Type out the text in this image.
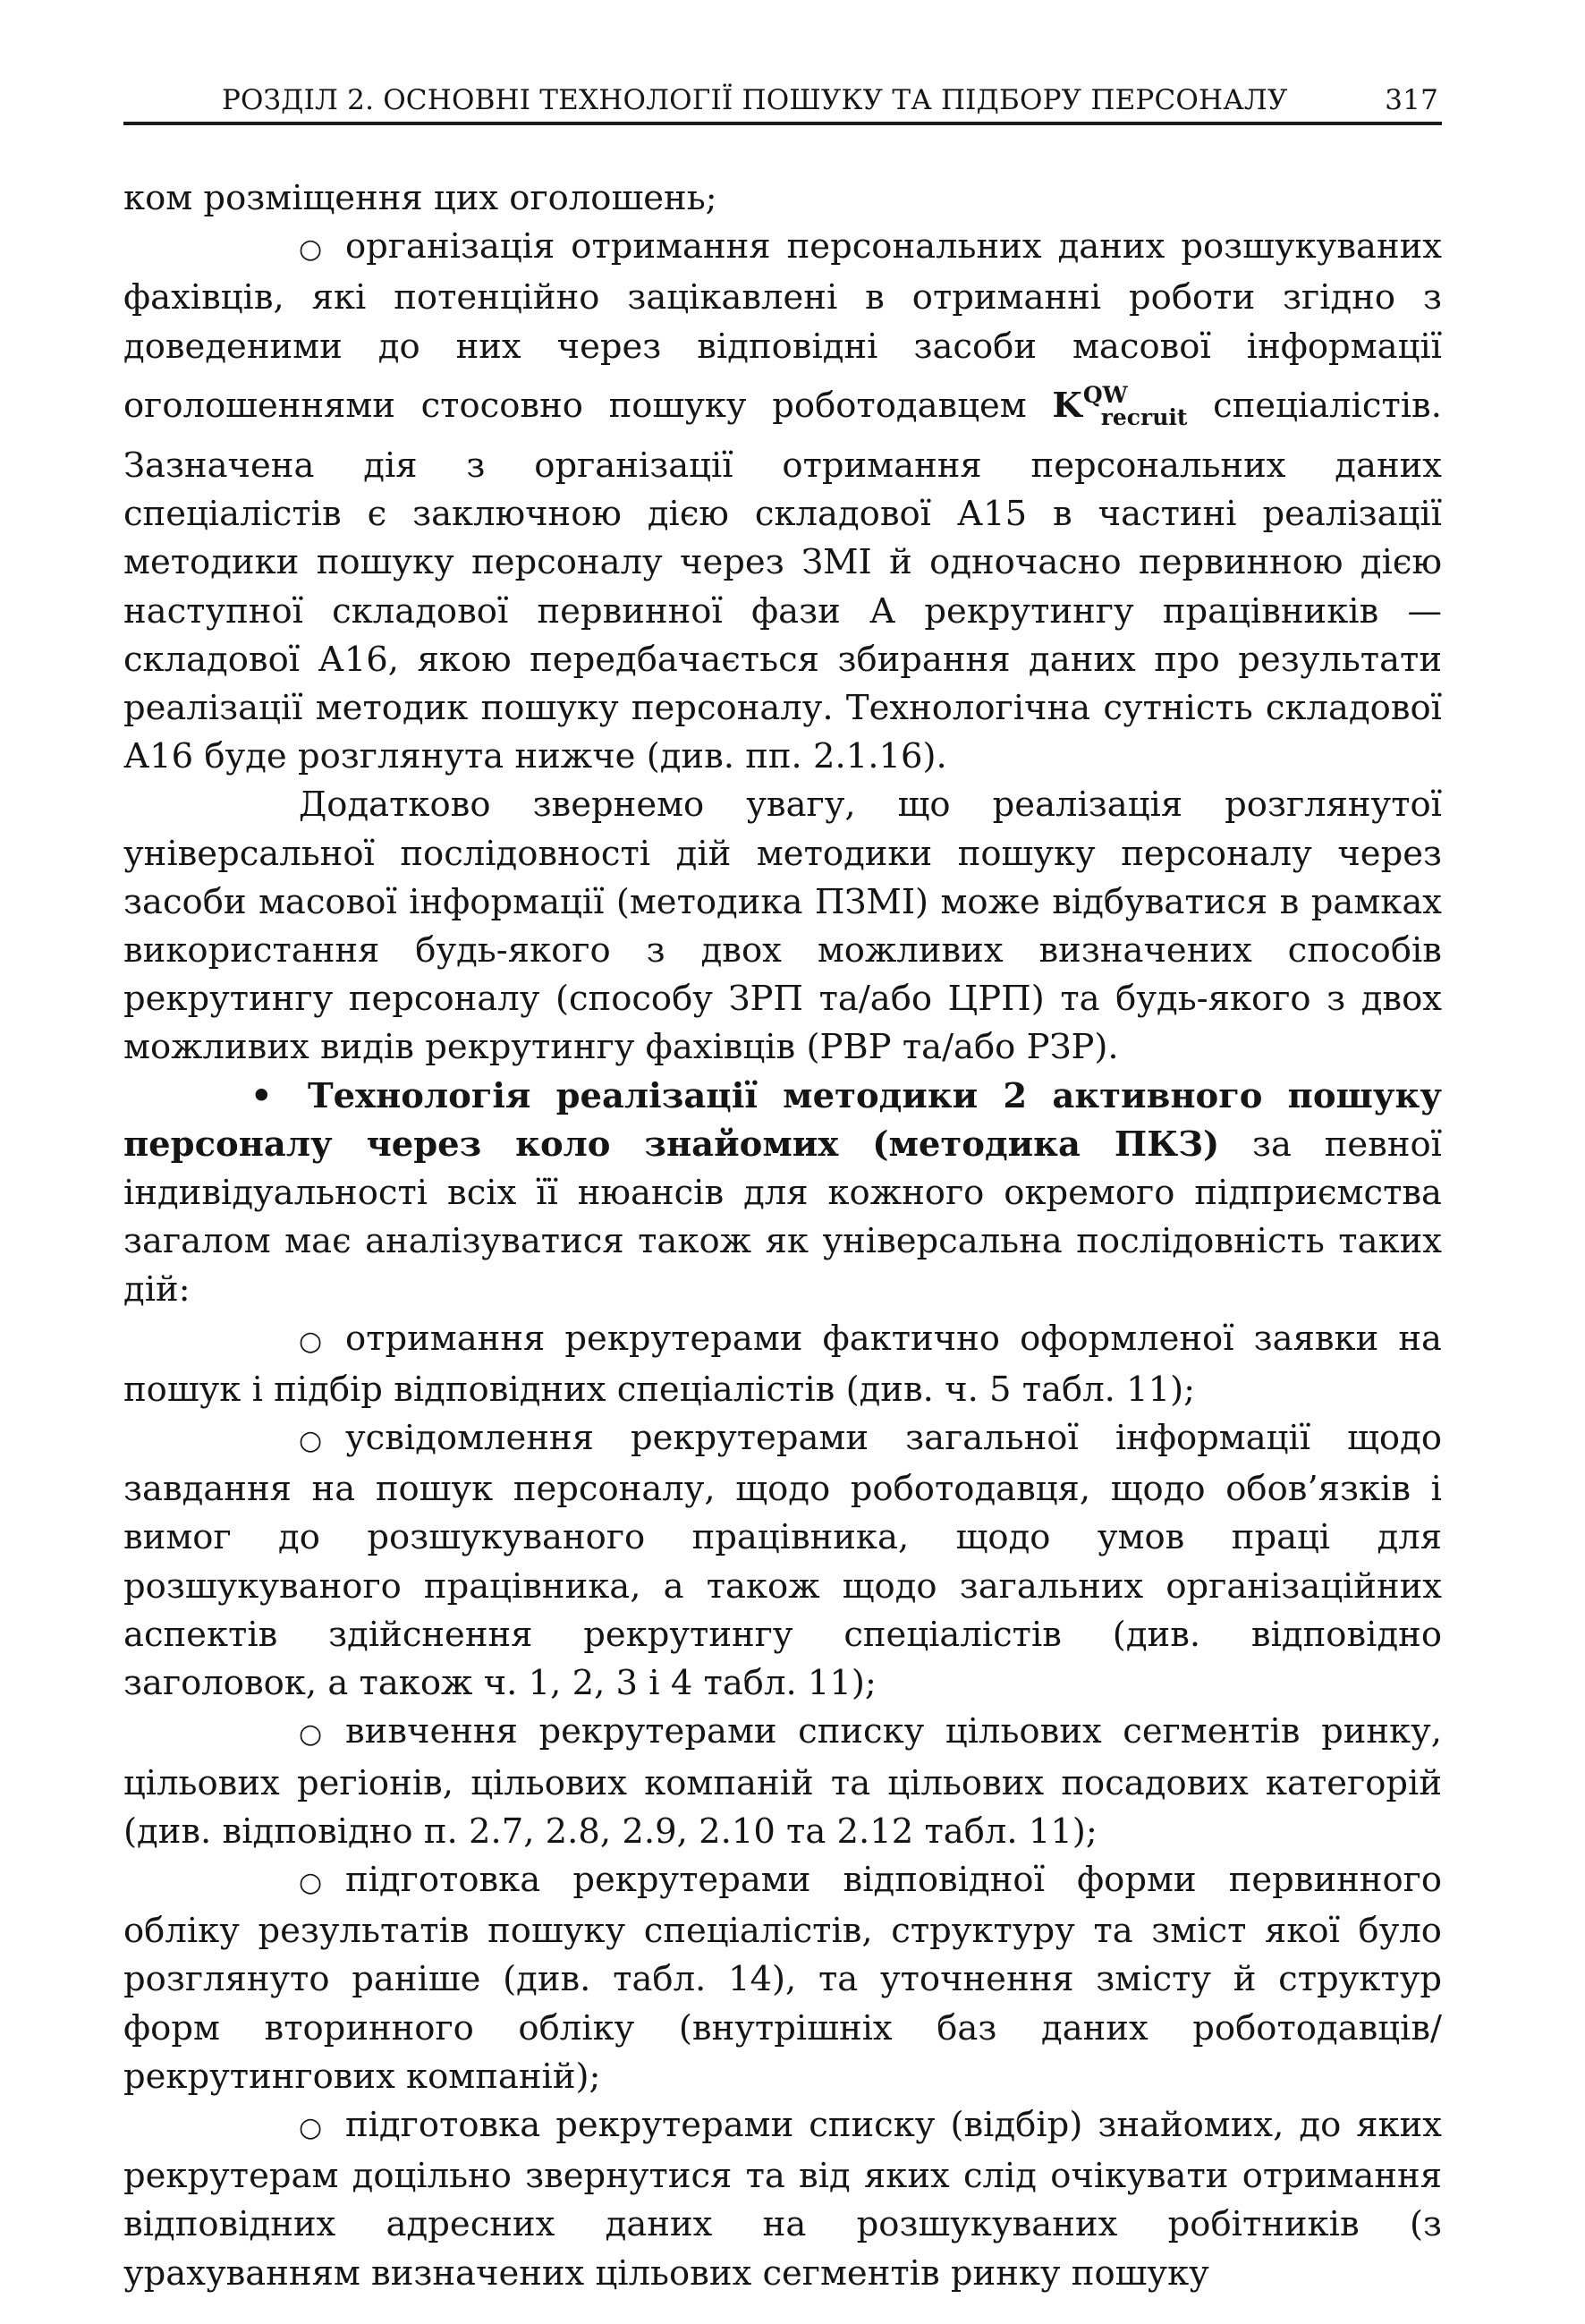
РОЗДІЛ 2. ОСНОВНІ ТЕХНОЛОГІЇ ПОШУКУ ТА ПІДБОРУ ПЕРСОНАЛУ	317

ком розміщення цих оголошень;

○ організація отримання персональних даних розшукуваних фахівців, які потенційно зацікавлені в отриманні роботи згідно з доведеними до них через відповідні засоби масової інформації оголошеннями стосовно пошуку роботодавцем $K^{QW}_{recruit}$ спеціалістів. Зазначена дія з організації отримання персональних даних спеціалістів є заключною дією складової А15 в частині реалізації методики пошуку персоналу через ЗМІ й одночасно первинною дією наступної складової первинної фази А рекрутингу працівників — складової А16, якою передбачається збирання даних про результати реалізації методик пошуку персоналу. Технологічна сутність складової А16 буде розглянута нижче (див. пп. 2.1.16).

Додатково звернемо увагу, що реалізація розглянутої універсальної послідовності дій методики пошуку персоналу через засоби масової інформації (методика ПЗМІ) може відбуватися в рамках використання будь-якого з двох можливих визначених способів рекрутингу персоналу (способу ЗРП та/або ЦРП) та будь-якого з двох можливих видів рекрутингу фахівців (РВР та/або РЗР).

• Технологія реалізації методики 2 активного пошуку персоналу через коло знайомих (методика ПКЗ) за певної індивідуальності всіх її нюансів для кожного окремого підприємства загалом має аналізуватися також як універсальна послідовність таких дій:

○ отримання рекрутерами фактично оформленої заявки на пошук і підбір відповідних спеціалістів (див. ч. 5 табл. 11);

○ усвідомлення рекрутерами загальної інформації щодо завдання на пошук персоналу, щодо роботодавця, щодо обов’язків і вимог до розшукуваного працівника, щодо умов праці для розшукуваного працівника, а також щодо загальних організаційних аспектів здійснення рекрутингу спеціалістів (див. відповідно заголовок, а також ч. 1, 2, 3 і 4 табл. 11);

○ вивчення рекрутерами списку цільових сегментів ринку, цільових регіонів, цільових компаній та цільових посадових категорій (див. відповідно п. 2.7, 2.8, 2.9, 2.10 та 2.12 табл. 11);

○ підготовка рекрутерами відповідної форми первинного обліку результатів пошуку спеціалістів, структуру та зміст якої було розглянуто раніше (див. табл. 14), та уточнення змісту й структур форм вторинного обліку (внутрішніх баз даних роботодавців/рекрутингових компаній);

○ підготовка рекрутерами списку (відбір) знайомих, до яких рекрутерам доцільно звернутися та від яких слід очікувати отримання відповідних адресних даних на розшукуваних робітників (з урахуванням визначених цільових сегментів ринку пошуку
